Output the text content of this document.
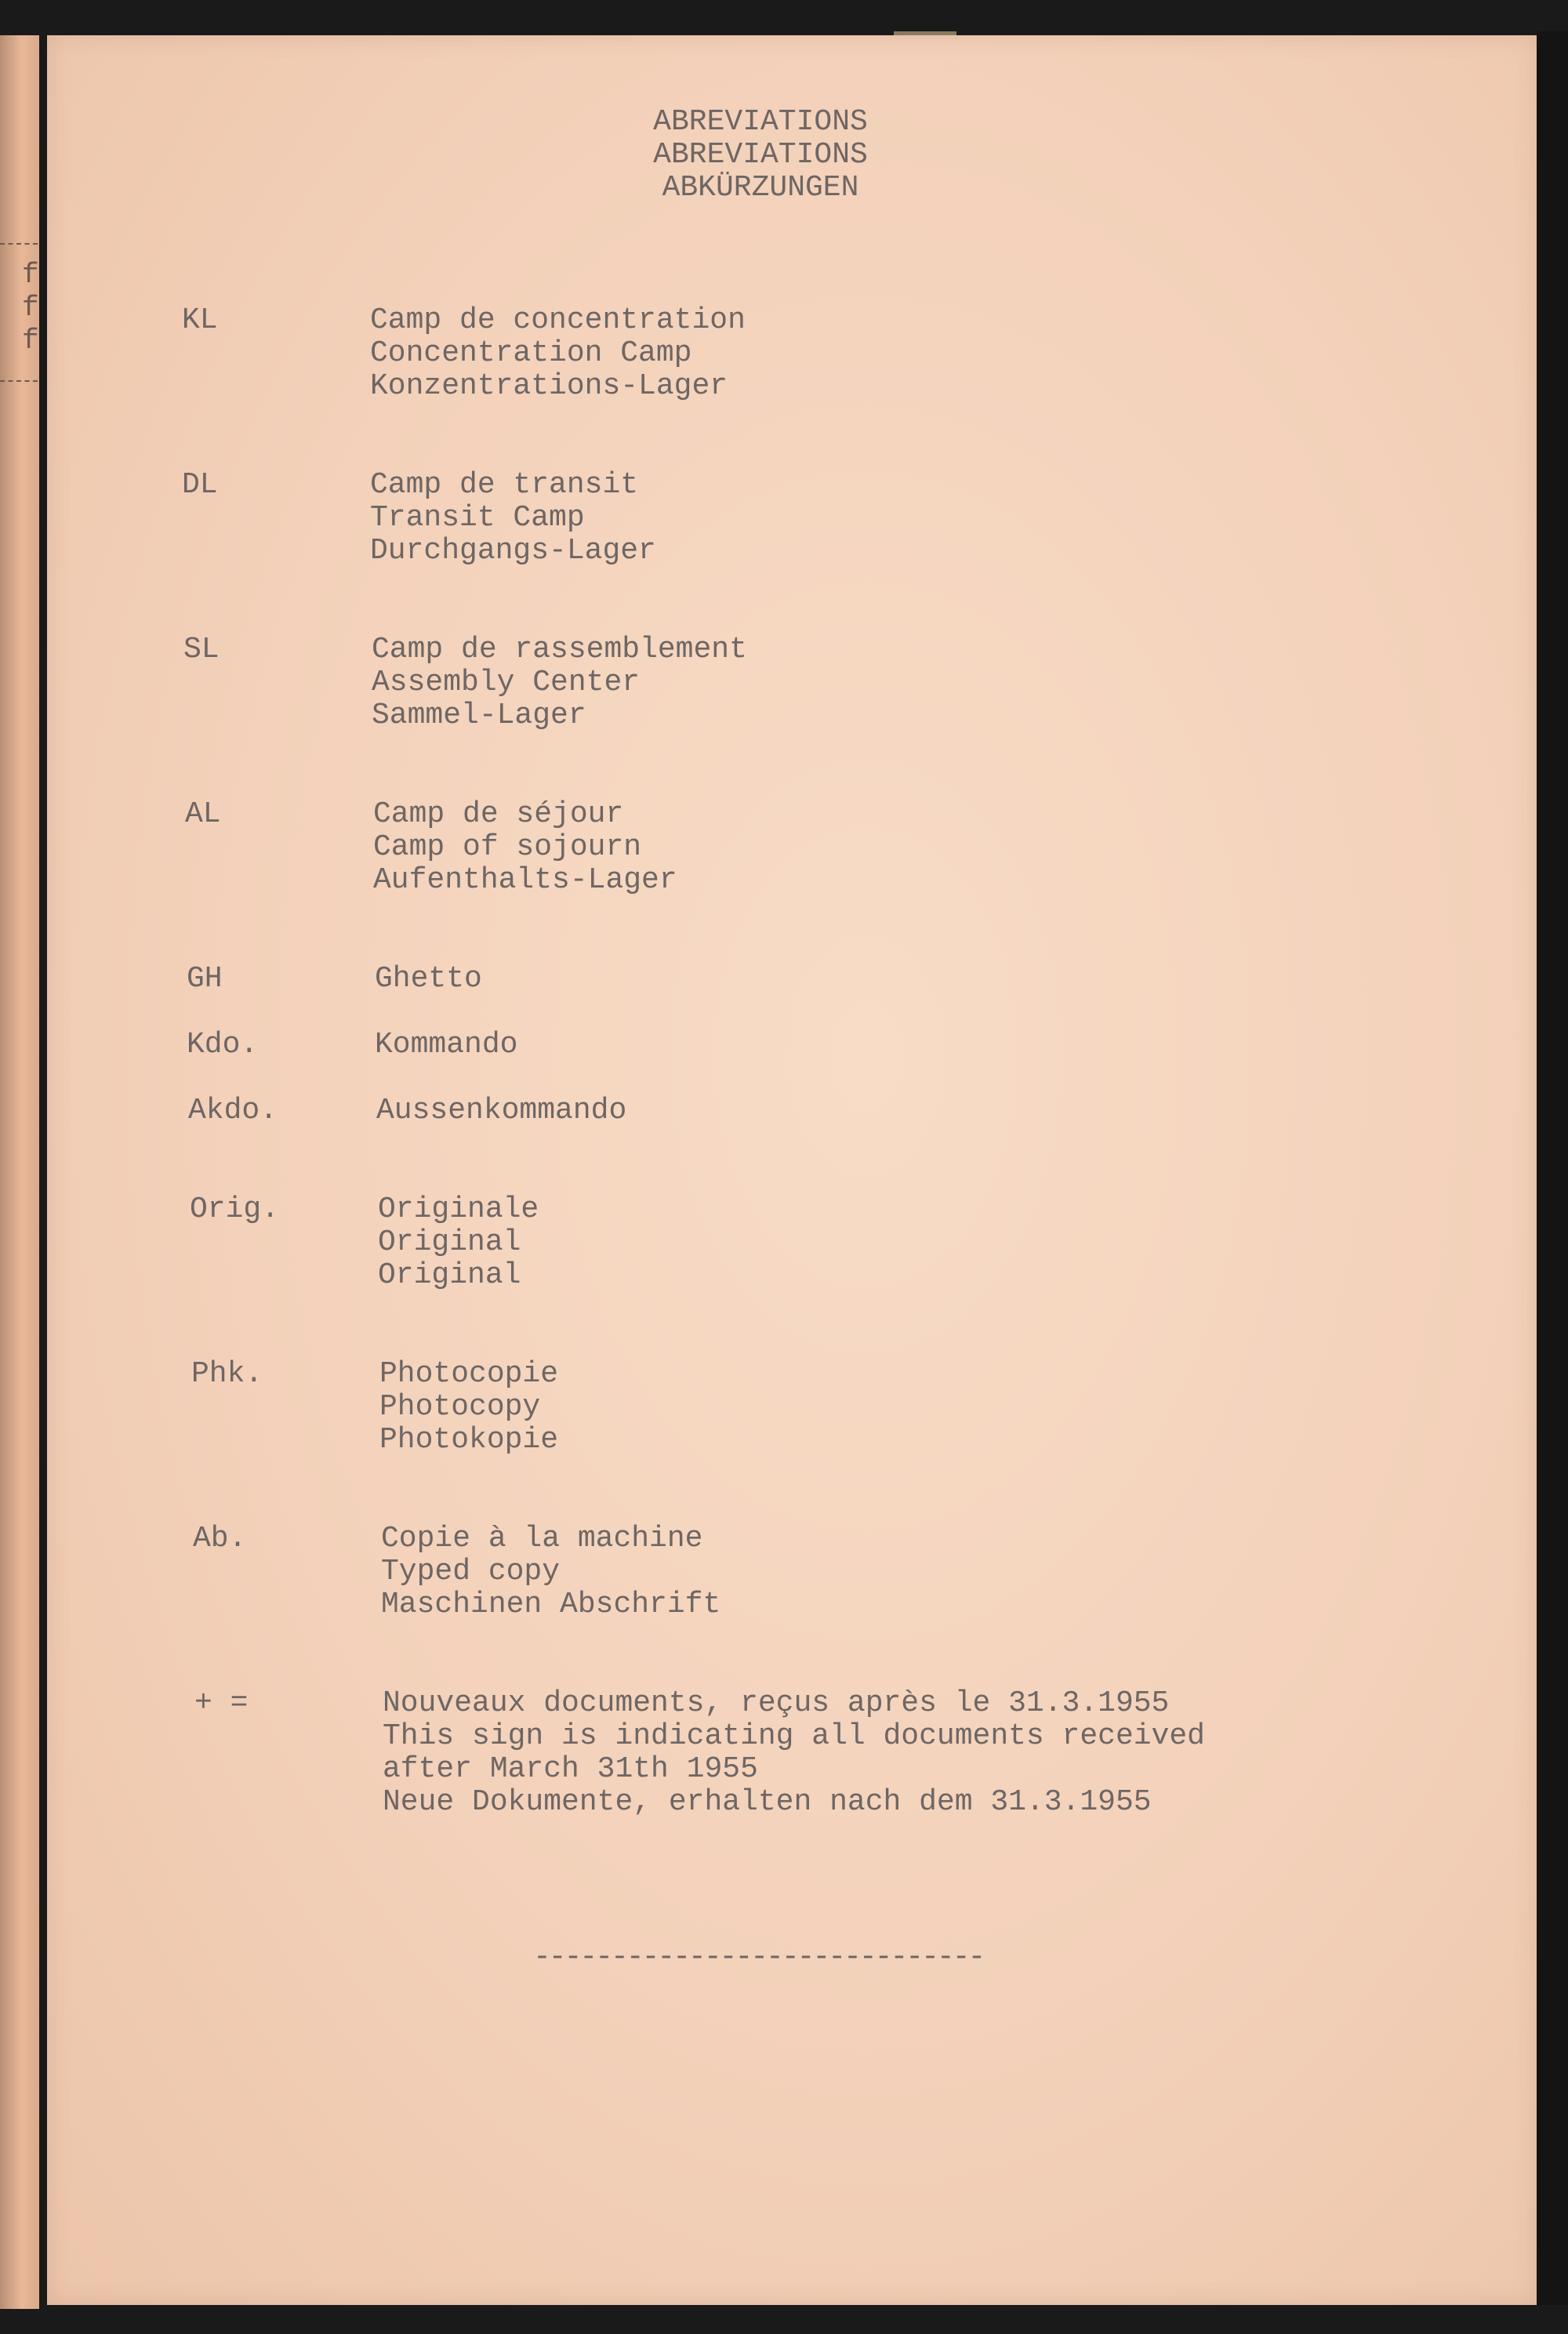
f
f
f
ABREVIATIONS
ABREVIATIONS
ABKÜRZUNGEN
KL	Camp de concentration
Concentration Camp
Konzentrations-Lager
DL	Camp de transit
Transit Camp
Durchgangs-Lager
SL	Camp de rassemblement
Assembly Center
Sammel-Lager
AL	Camp de séjour
Camp of sojourn
Aufenthalts-Lager
GH	Ghetto
Kdo.	Kommando
Akdo.	Aussenkommando
Orig.	Originale
Original
Original
Phk.	Photocopie
Photocopy
Photokopie
Ab.	Copie à la machine
Typed copy
Maschinen Abschrift
+ =	Nouveaux documents, reçus après le 31.3.1955
This sign is indicating all documents received
after March 31th 1955
Neue Dokumente, erhalten nach dem 31.3.1955
-----------------------------
